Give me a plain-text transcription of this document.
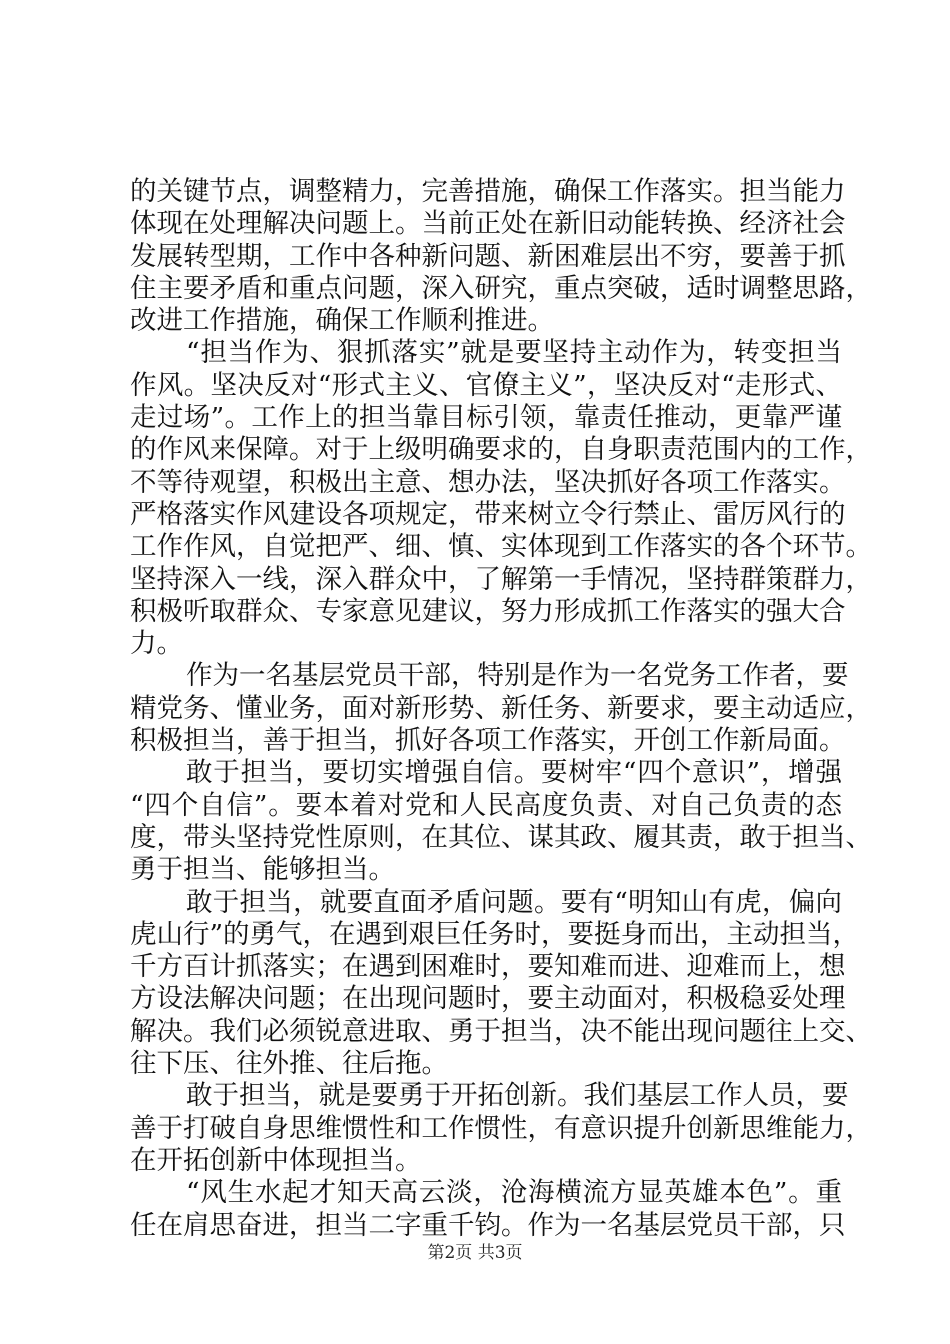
的关键节点，调整精力，完善措施，确保工作落实。担当能力
体现在处理解决问题上。当前正处在新旧动能转换、经济社会
发展转型期，工作中各种新问题、新困难层出不穷，要善于抓
住主要矛盾和重点问题，深入研究，重点突破，适时调整思路，
改进工作措施，确保工作顺利推进。
“担当作为、狠抓落实”就是要坚持主动作为，转变担当
作风。坚决反对“形式主义、官僚主义”，坚决反对“走形式、
走过场”。工作上的担当靠目标引领，靠责任推动，更靠严谨
的作风来保障。对于上级明确要求的，自身职责范围内的工作，
不等待观望，积极出主意、想办法，坚决抓好各项工作落实。
严格落实作风建设各项规定，带来树立令行禁止、雷厉风行的
工作作风，自觉把严、细、慎、实体现到工作落实的各个环节。
坚持深入一线，深入群众中，了解第一手情况，坚持群策群力，
积极听取群众、专家意见建议，努力形成抓工作落实的强大合
力。
作为一名基层党员干部，特别是作为一名党务工作者，要
精党务、懂业务，面对新形势、新任务、新要求，要主动适应，
积极担当，善于担当，抓好各项工作落实，开创工作新局面。
敢于担当，要切实增强自信。要树牢“四个意识”，增强
“四个自信”。要本着对党和人民高度负责、对自己负责的态
度，带头坚持党性原则，在其位、谋其政、履其责，敢于担当、
勇于担当、能够担当。
敢于担当，就要直面矛盾问题。要有“明知山有虎，偏向
虎山行”的勇气，在遇到艰巨任务时，要挺身而出，主动担当，
千方百计抓落实；在遇到困难时，要知难而进、迎难而上，想
方设法解决问题；在出现问题时，要主动面对，积极稳妥处理
解决。我们必须锐意进取、勇于担当，决不能出现问题往上交、
往下压、往外推、往后拖。
敢于担当，就是要勇于开拓创新。我们基层工作人员，要
善于打破自身思维惯性和工作惯性，有意识提升创新思维能力，
在开拓创新中体现担当。
“风生水起才知天高云淡，沧海横流方显英雄本色”。重
任在肩思奋进，担当二字重千钧。作为一名基层党员干部，只
第2页 共3页
